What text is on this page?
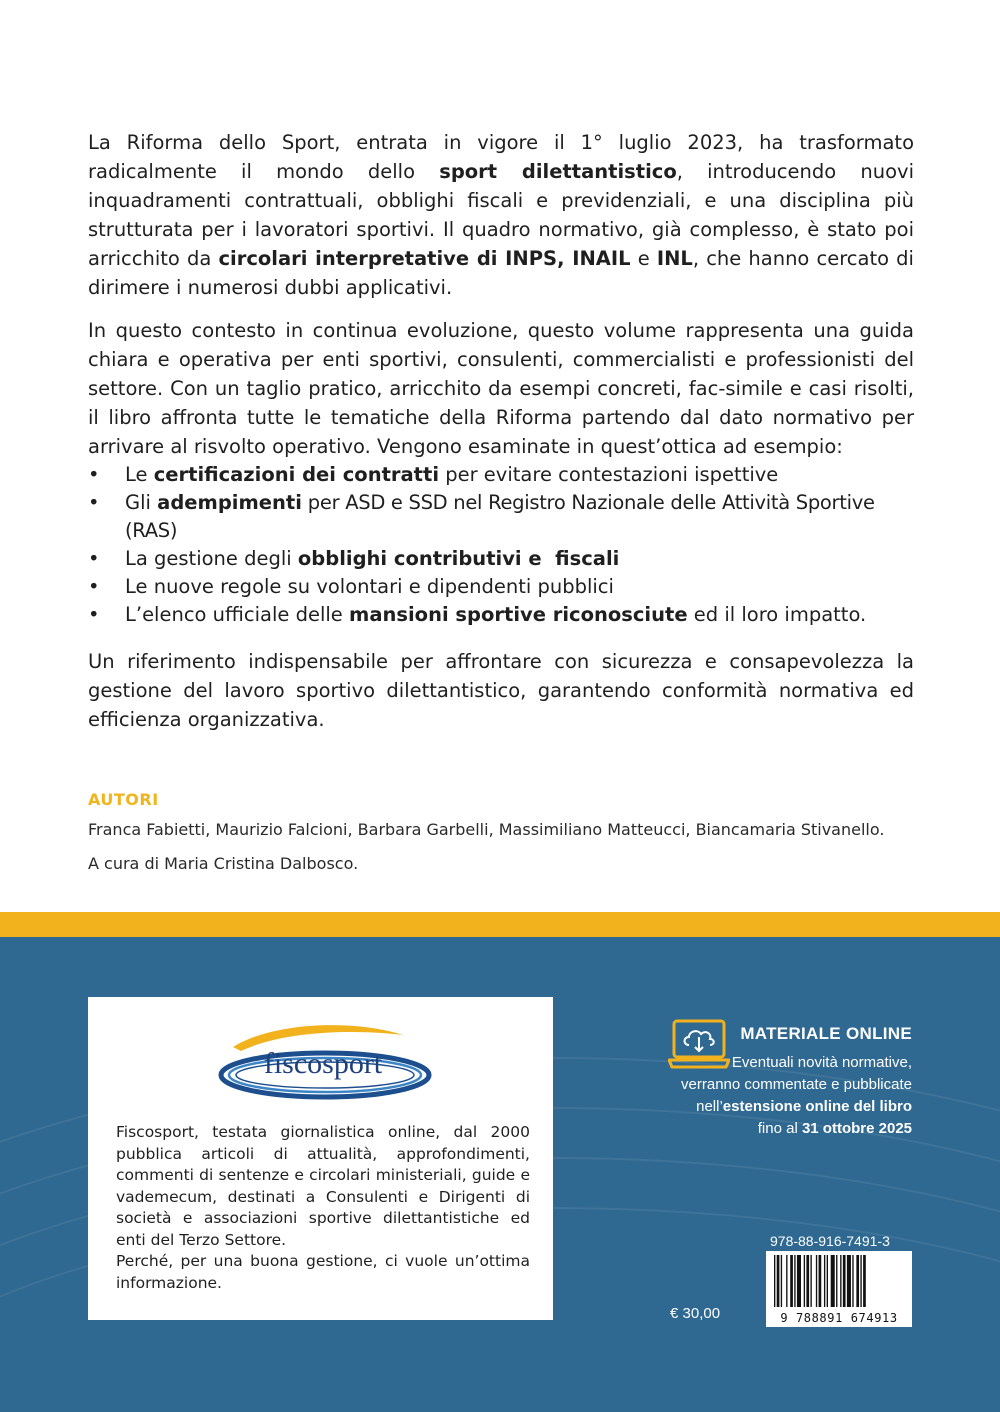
La Riforma dello Sport, entrata in vigore il 1° luglio 2023, ha trasformato radicalmente il mondo dello sport dilettantistico, introducendo nuovi inquadramenti contrattuali, obblighi fiscali e previdenziali, e una disciplina più strutturata per i lavoratori sportivi. Il quadro normativo, già complesso, è stato poi arricchito da circolari interpretative di INPS, INAIL e INL, che hanno cercato di dirimere i numerosi dubbi applicativi.

In questo contesto in continua evoluzione, questo volume rappresenta una guida chiara e operativa per enti sportivi, consulenti, commercialisti e professionisti del settore. Con un taglio pratico, arricchito da esempi concreti, fac-simile e casi risolti, il libro affronta tutte le tematiche della Riforma partendo dal dato normativo per arrivare al risvolto operativo. Vengono esaminate in quest’ottica ad esempio:

• Le certificazioni dei contratti per evitare contestazioni ispettive
• Gli adempimenti per ASD e SSD nel Registro Nazionale delle Attività Sportive (RAS)
• La gestione degli obblighi contributivi e  fiscali
• Le nuove regole su volontari e dipendenti pubblici
• L’elenco ufficiale delle mansioni sportive riconosciute ed il loro impatto.

Un riferimento indispensabile per affrontare con sicurezza e consapevolezza la gestione del lavoro sportivo dilettantistico, garantendo conformità normativa ed efficienza organizzativa.

AUTORI
Franca Fabietti, Maurizio Falcioni, Barbara Garbelli, Massimiliano Matteucci, Biancamaria Stivanello.
A cura di Maria Cristina Dalbosco.
fiscosport

Fiscosport, testata giornalistica online, dal 2000 pubblica articoli di attualità, approfondimenti, commenti di sentenze e circolari ministeriali, guide e vademecum, destinati a Consulenti e Dirigenti di società e associazioni sportive dilettantistiche ed enti del Terzo Settore.

Perché, per una buona gestione, ci vuole un’ottima informazione.

MATERIALE ONLINE
Eventuali novità normative,
verranno commentate e pubblicate
nell’estensione online del libro
fino al 31 ottobre 2025
978-88-916-7491-3
9 788891 674913
€ 30,00
